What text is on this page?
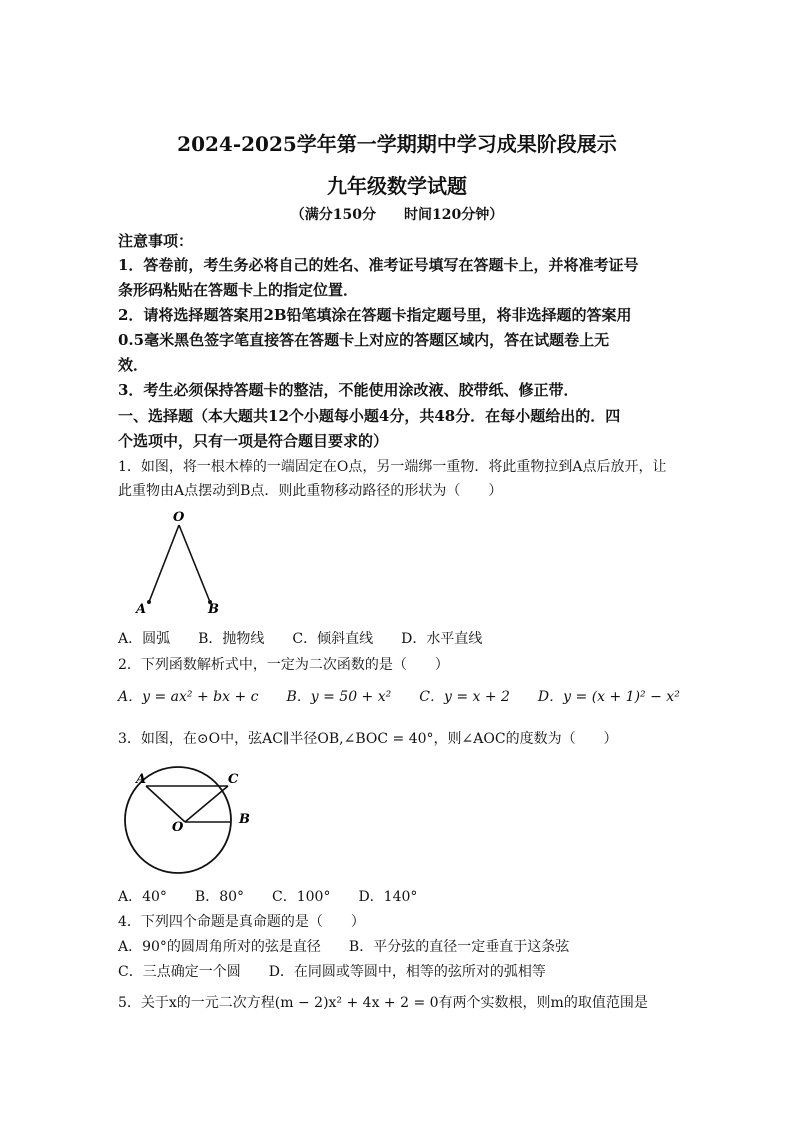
2024-2025学年第一学期期中学习成果阶段展示
九年级数学试题
（满分150分　　时间120分钟）
注意事项：
1．答卷前，考生务必将自己的姓名、准考证号填写在答题卡上，并将准考证号
条形码粘贴在答题卡上的指定位置．
2．请将选择题答案用2B铅笔填涂在答题卡指定题号里，将非选择题的答案用
0.5毫米黑色签字笔直接答在答题卡上对应的答题区域内，答在试题卷上无
效．
3．考生必须保持答题卡的整洁，不能使用涂改液、胶带纸、修正带．
一、选择题（本大题共12个小题每小题4分，共48分．在每小题给出的．四
个选项中，只有一项是符合题目要求的）
1．如图，将一根木棒的一端固定在O点，另一端绑一重物．将此重物拉到A点后放开，让
此重物由A点摆动到B点．则此重物移动路径的形状为（　　）
O
A	B
A．圆弧　　B．抛物线　　C．倾斜直线　　D．水平直线
2．下列函数解析式中，一定为二次函数的是（　　）
A．y = ax² + bx + c　　B．y = 50 + x²　　C．y = x + 2　　D．y = (x + 1)² − x²
3．如图，在⊙O中，弦AC∥半径OB,∠BOC = 40°，则∠AOC的度数为（　　）
A	C
O
B
A．40°　　B．80°　　C．100°　　D．140°
4．下列四个命题是真命题的是（　　）
A．90°的圆周角所对的弦是直径　　B．平分弦的直径一定垂直于这条弦
C．三点确定一个圆　　D．在同圆或等圆中，相等的弦所对的弧相等
5．关于x的一元二次方程(m − 2)x² + 4x + 2 = 0有两个实数根，则m的取值范围是
